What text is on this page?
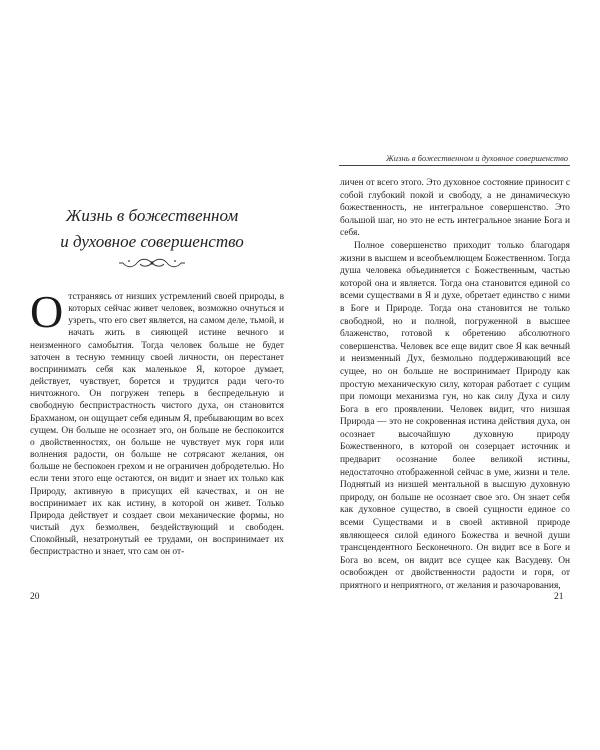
Жизнь в божественном
и духовное совершенство
О тстраняясь от низших устремлений своей природы, в которых сейчас живет человек, возможно очнуться и узреть, что его свет является, на самом деле, тьмой, и начать жить в сияющей истине вечного и неизменного самобытия. Тогда человек больше не будет заточен в тесную темницу своей личности, он перестанет воспринимать себя как маленькое Я, которое думает, действует, чувствует, борется и трудится ради чего-то ничтожного. Он погружен теперь в беспредельную и свободную беспристрастность чистого духа, он становится Брахманом, он ощущает себя единым Я, пребывающим во всех сущем. Он больше не осознает эго, он больше не беспокоится о двойственностях, он больше не чувствует мук горя или волнения радости, он больше не сотрясают желания, он больше не беспокоен грехом и не ограничен добродетелью. Но если тени этого еще остаются, он видит и знает их только как Природу, активную в присущих ей качествах, и он не воспринимает их как истину, в которой он живет. Только Природа действует и создает свои механические формы, но чистый дух безмолвен, бездействующий и свободен. Спокойный, незатронутый ее трудами, он воспринимает их беспристрастно и знает, что сам он от-

20
Жизнь в божественном и духовное совершенство

личен от всего этого. Это духовное состояние приносит с собой глубокий покой и свободу, а не динамическую божественность, не интегральное совершенство. Это большой шаг, но это не есть интегральное знание Бога и себя.

Полное совершенство приходит только благодаря жизни в высшем и всеобъемлющем Божественном. Тогда душа человека объединяется с Божественным, частью которой она и является. Тогда она становится единой со всеми существами в Я и духе, обретает единство с ними в Боге и Природе. Тогда она становится не только свободной, но и полной, погруженной в высшее блаженство, готовой к обретению абсолютного совершенства. Человек все еще видит свое Я как вечный и неизменный Дух, безмольно поддерживающий все сущее, но он больше не воспринимает Природу как простую механическую силу, которая работает с сущим при помощи механизма гун, но как силу Духа и силу Бога в его проявлении. Человек видит, что низшая Природа — это не сокровенная истина действия духа, он осознает высочайшую духовную природу Божественного, в которой он созерцает источник и предварит осознание более великой истины, недостаточно отображенной сейчас в уме, жизни и теле. Поднятый из низшей ментальной в высшую духовную природу, он больше не осознает свое эго. Он знает себя как духовное существо, в своей сущности единое со всеми Существами и в своей активной природе являющееся силой единого Божества и вечной души трансцендентного Бесконечного. Он видит все в Боге и Бога во всем, он видит все сущее как Васудеву. Он освобожден от двойственности радости и горя, от приятного и неприятного, от желания и разочарования,

21
